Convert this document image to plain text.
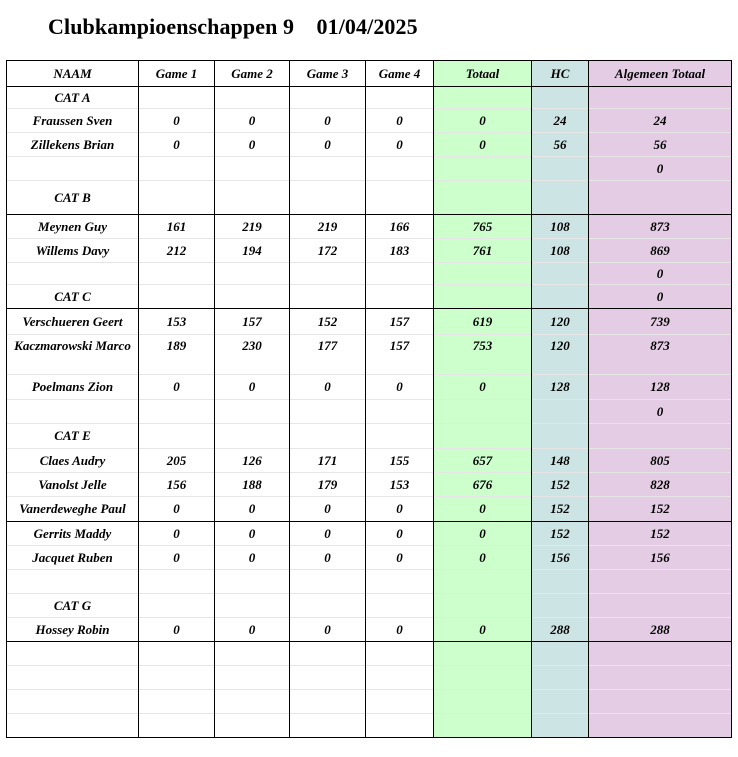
Clubkampioenschappen 9    01/04/2025
NAAM	Game 1	Game 2	Game 3	Game 4	Totaal	HC	Algemeen Totaal
CAT A							
Fraussen Sven	0	0	0	0	0	24	24
Zillekens Brian	0	0	0	0	0	56	56
							0
CAT B							
Meynen Guy	161	219	219	166	765	108	873
Willems Davy	212	194	172	183	761	108	869
							0
CAT C							0
Verschueren Geert	153	157	152	157	619	120	739
Kaczmarowski Marco	189	230	177	157	753	120	873
Poelmans Zion	0	0	0	0	0	128	128
							0
CAT E							
Claes Audry	205	126	171	155	657	148	805
Vanolst Jelle	156	188	179	153	676	152	828
Vanerdeweghe Paul	0	0	0	0	0	152	152
Gerrits Maddy	0	0	0	0	0	152	152
Jacquet Ruben	0	0	0	0	0	156	156

CAT G							
Hossey Robin	0	0	0	0	0	288	288
